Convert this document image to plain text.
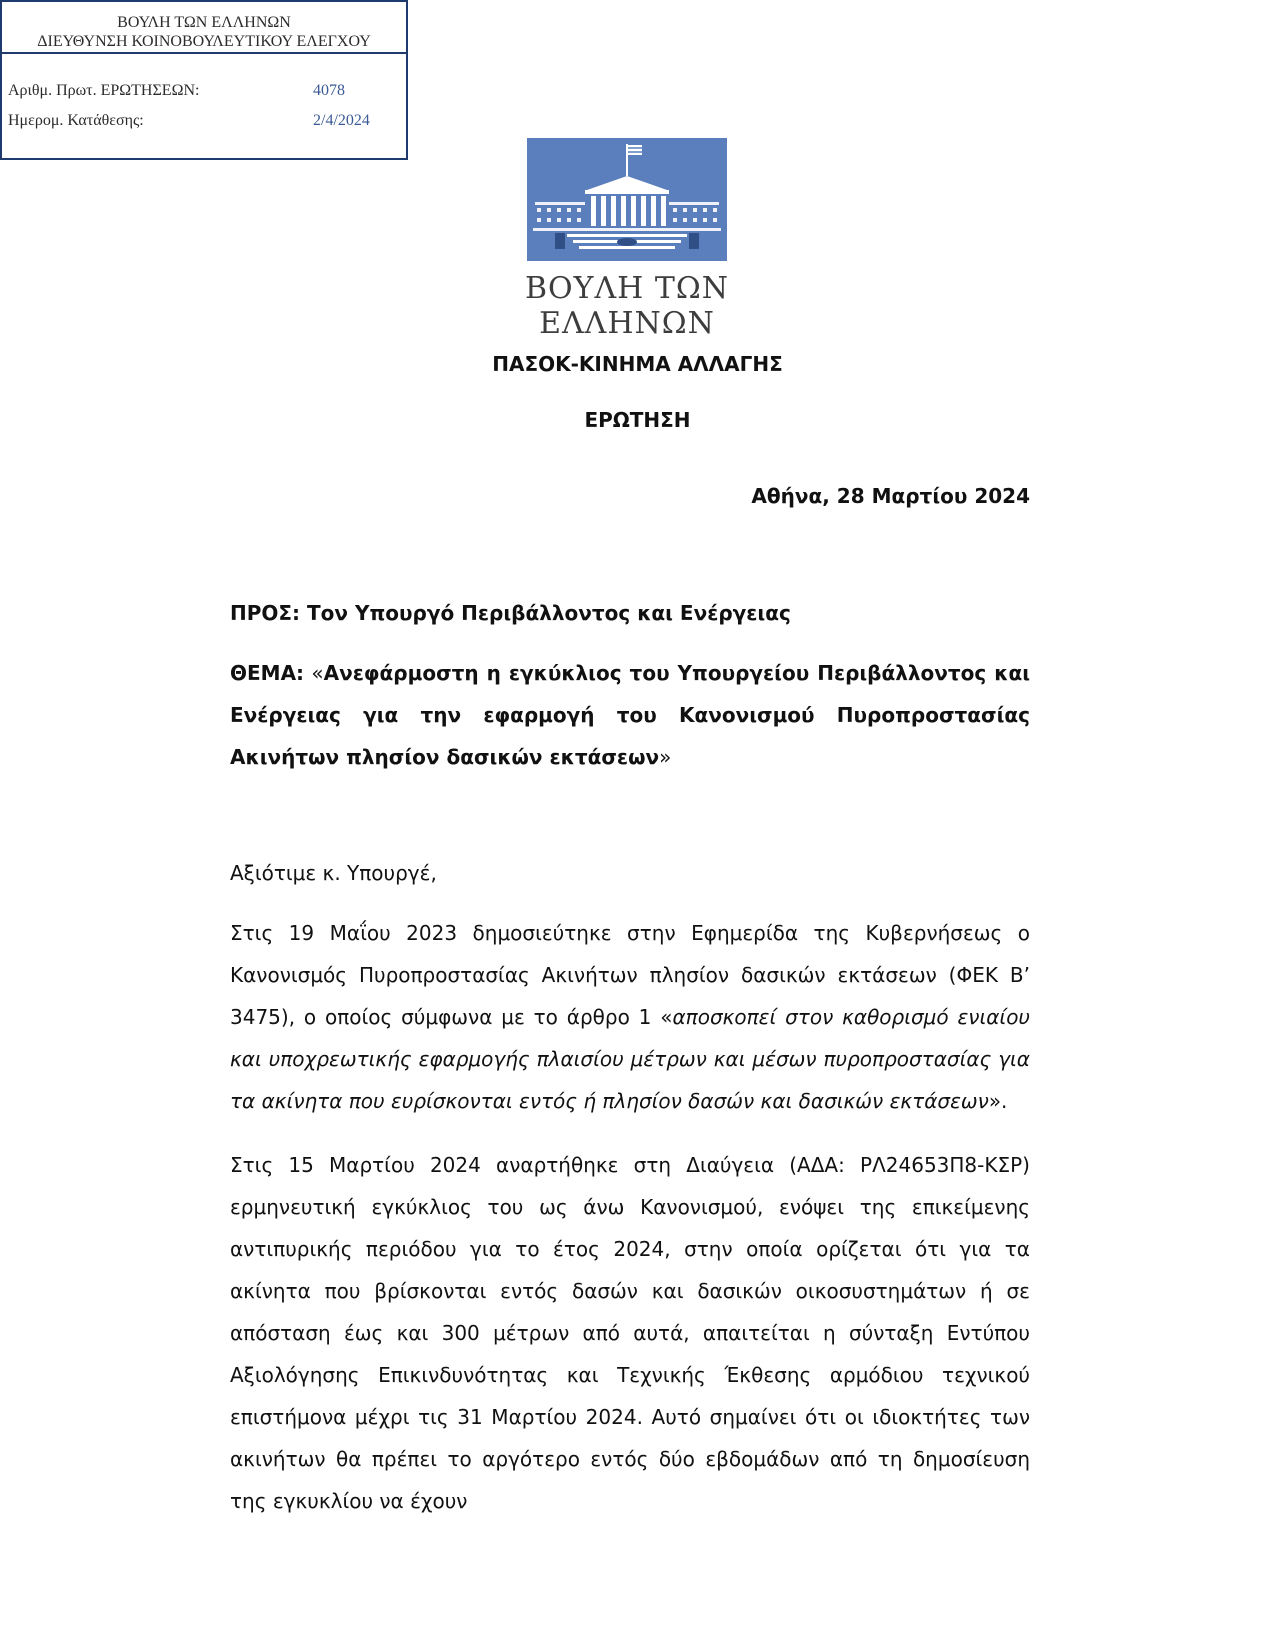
ΒΟΥΛΗ ΤΩΝ ΕΛΛΗΝΩΝ
ΔΙΕΥΘΥΝΣΗ ΚΟΙΝΟΒΟΥΛΕΥΤΙΚΟΥ ΕΛΕΓΧΟΥ
Αριθμ. Πρωτ. ΕΡΩΤΗΣΕΩΝ:	4078
Ημερομ. Κατάθεσης:	2/4/2024
ΒΟΥΛΗ ΤΩΝ ΕΛΛΗΝΩΝ
ΠΑΣΟΚ-ΚΙΝΗΜΑ ΑΛΛΑΓΗΣ
ΕΡΩΤΗΣΗ
Αθήνα, 28 Μαρτίου 2024
ΠΡΟΣ: Τον Υπουργό Περιβάλλοντος και Ενέργειας
ΘΕΜΑ: «Ανεφάρμοστη η εγκύκλιος του Υπουργείου Περιβάλλοντος και Ενέργειας για την εφαρμογή του Κανονισμού Πυροπροστασίας Ακινήτων πλησίον δασικών εκτάσεων»
Αξιότιμε κ. Υπουργέ,
Στις 19 Μαΐου 2023 δημοσιεύτηκε στην Εφημερίδα της Κυβερνήσεως ο Κανονισμός Πυροπροστασίας Ακινήτων πλησίον δασικών εκτάσεων (ΦΕΚ Β’ 3475), ο οποίος σύμφωνα με το άρθρο 1 «αποσκοπεί στον καθορισμό ενιαίου και υποχρεωτικής εφαρμογής πλαισίου μέτρων και μέσων πυροπροστασίας για τα ακίνητα που ευρίσκονται εντός ή πλησίον δασών και δασικών εκτάσεων».
Στις 15 Μαρτίου 2024 αναρτήθηκε στη Διαύγεια (ΑΔΑ: ΡΛ24653Π8-ΚΣΡ) ερμηνευτική εγκύκλιος του ως άνω Κανονισμού, ενόψει της επικείμενης αντιπυρικής περιόδου για το έτος 2024, στην οποία ορίζεται ότι για τα ακίνητα που βρίσκονται εντός δασών και δασικών οικοσυστημάτων ή σε απόσταση έως και 300 μέτρων από αυτά, απαιτείται η σύνταξη Εντύπου Αξιολόγησης Επικινδυνότητας και Τεχνικής Έκθεσης αρμόδιου τεχνικού επιστήμονα μέχρι τις 31 Μαρτίου 2024. Αυτό σημαίνει ότι οι ιδιοκτήτες των ακινήτων θα πρέπει το αργότερο εντός δύο εβδομάδων από τη δημοσίευση της εγκυκλίου να έχουν
